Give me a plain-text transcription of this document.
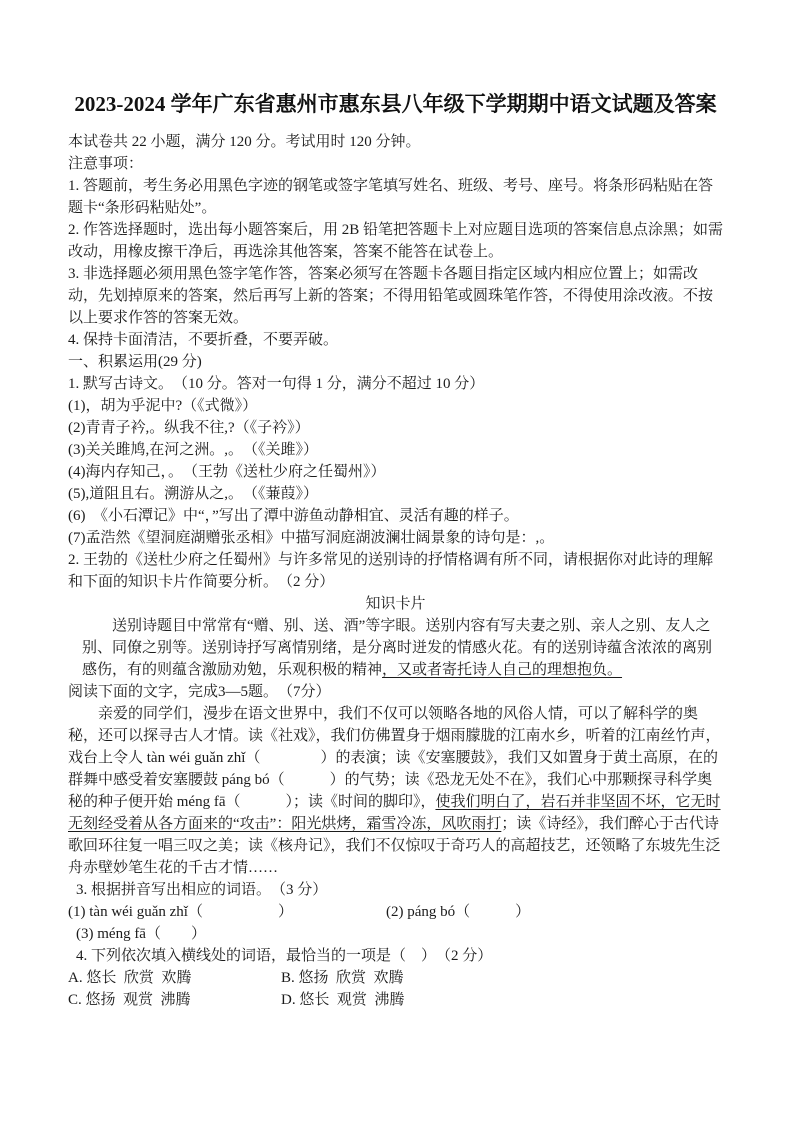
2023-2024 学年广东省惠州市惠东县八年级下学期期中语文试题及答案

本试卷共 22 小题，满分 120 分。考试用时 120 分钟。

注意事项：

1. 答题前，考生务必用黑色字迹的钢笔或签字笔填写姓名、班级、考号、座号。将条形码粘贴在答题卡“条形码粘贴处”。

2. 作答选择题时，选出每小题答案后，用 2B 铅笔把答题卡上对应题目选项的答案信息点涂黑；如需改动，用橡皮擦干净后，再选涂其他答案，答案不能答在试卷上。

3. 非选择题必须用黑色签字笔作答，答案必须写在答题卡各题目指定区域内相应位置上；如需改动，先划掉原来的答案，然后再写上新的答案；不得用铅笔或圆珠笔作答，不得使用涂改液。不按以上要求作答的答案无效。

4. 保持卡面清洁，不要折叠，不要弄破。

一、积累运用(29 分)

1. 默写古诗文。　（10 分。答对一句得 1 分，满分不超过 10 分）

(1)，胡为乎泥中?（《式微》）

(2)青青子衿,。纵我不往,?（《子衿》）

(3)关关雎鸠,在河之洲。,。　（《关雎》）

(4)海内存知己，。　（王勃《送杜少府之任蜀州》）

(5),道阻且右。溯游从之,。　（《蒹葭》）

(6)　《小石潭记》中“，”写出了潭中游鱼动静相宜、灵活有趣的样子。

(7)孟浩然《望洞庭湖赠张丞相》中描写洞庭湖波澜壮阔景象的诗句是：,。

2. 王勃的《送杜少府之任蜀州》与许多常见的送别诗的抒情格调有所不同，请根据你对此诗的理解和下面的知识卡片作简要分析。　（2 分）

知识卡片

送别诗题目中常常有“赠、别、送、酒”等字眼。送别内容有写夫妻之别、亲人之别、友人之别、同僚之别等。送别诗抒写离情别绪，是分离时迸发的情感火花。有的送别诗蕴含浓浓的离别感伤，有的则蕴含激励劝勉，乐观积极的精神，又或者寄托诗人自己的理想抱负。

阅读下面的文字，完成3—5题。　（7分）

亲爱的同学们，漫步在语文世界中，我们不仅可以领略各地的风俗人情，可以了解科学的奥秘，还可以探寻古人才情。读《社戏》，我们仿佛置身于烟雨朦胧的江南水乡，听着的江南丝竹声，戏台上令人 tàn wéi guǎn zhǐ（　　　　）的表演；读《安塞腰鼓》，我们又如置身于黄土高原，在的群舞中感受着安塞腰鼓 páng bó（　　　）的气势；读《恐龙无处不在》，我们心中那颗探寻科学奥秘的种子便开始 méng fā（　　　）；读《时间的脚印》，使我们明白了，岩石并非坚固不坏，它无时无刻经受着从各方面来的“攻击”：阳光烘烤，霜雪冷冻，风吹雨打；读《诗经》，我们醉心于古代诗歌回环往复一唱三叹之美；读《核舟记》，我们不仅惊叹于奇巧人的高超技艺，还领略了东坡先生泛舟赤壁妙笔生花的千古才情……

3. 根据拼音写出相应的词语。　（3 分）

(1) tàn wéi guǎn zhǐ（　　　　　）	(2) páng bó（　　　）

(3) méng fā（　　）

4. 下列依次填入横线处的词语，最恰当的一项是（　）　（2 分）

A. 悠长  欣赏  欢腾	B. 悠扬  欣赏  欢腾
C. 悠扬  观赏  沸腾	D. 悠长  观赏  沸腾
